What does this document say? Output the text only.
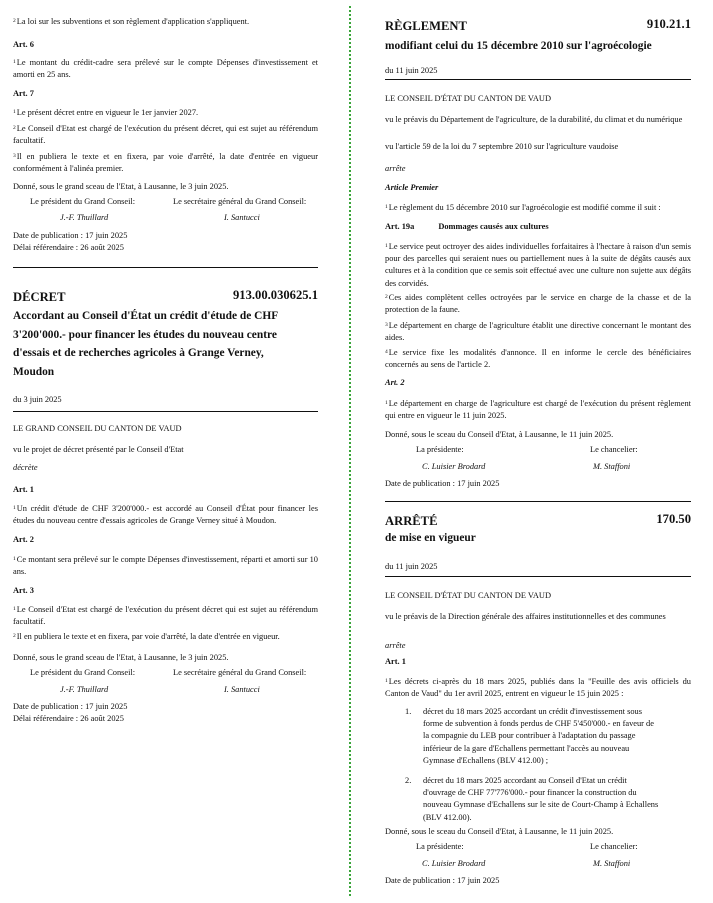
$^2$La loi sur les subventions et son règlement d'application s'appliquent.

Art. 6

$^1$Le montant du crédit-cadre sera prélevé sur le compte Dépenses d'investissement et amorti en 25 ans.

Art. 7

$^1$Le présent décret entre en vigueur le 1er janvier 2027.

$^2$Le Conseil d'Etat est chargé de l'exécution du présent décret, qui est sujet au référendum facultatif.

$^3$Il en publiera le texte et en fixera, par voie d'arrêté, la date d'entrée en vigueur conformément à l'alinéa premier.

Donné, sous le grand sceau de l'Etat, à Lausanne, le 3 juin 2025.

Le président du Grand Conseil:	Le secrétaire général du Grand Conseil:
J.-F. Thuillard	I. Santucci

Date de publication : 17 juin 2025

Délai référendaire : 26 août 2025

DÉCRET	913.00.030625.1
Accordant au Conseil d'État un crédit d'étude de CHF
3'200'000.- pour financer les études du nouveau centre
d'essais et de recherches agricoles à Grange Verney,
Moudon

du 3 juin 2025

LE GRAND CONSEIL DU CANTON DE VAUD

vu le projet de décret présenté par le Conseil d'Etat

décrète

Art. 1

$^1$Un crédit d'étude de CHF 3'200'000.- est accordé au Conseil d'État pour financer les études du nouveau centre d'essais agricoles de Grange Verney situé à Moudon.

Art. 2

$^1$Ce montant sera prélevé sur le compte Dépenses d'investissement, réparti et amorti sur 10 ans.

Art. 3

$^1$Le Conseil d'Etat est chargé de l'exécution du présent décret qui est sujet au référendum facultatif.

$^2$Il en publiera le texte et en fixera, par voie d'arrêté, la date d'entrée en vigueur.

Donné, sous le grand sceau de l'Etat, à Lausanne, le 3 juin 2025.

Le président du Grand Conseil:	Le secrétaire général du Grand Conseil:
J.-F. Thuillard	I. Santucci

Date de publication : 17 juin 2025

Délai référendaire : 26 août 2025

RÈGLEMENT	910.21.1
modifiant celui du 15 décembre 2010 sur l'agroécologie

du 11 juin 2025

LE CONSEIL D'ÉTAT DU CANTON DE VAUD

vu le préavis du Département de l'agriculture, de la durabilité, du climat et du numérique

vu l'article 59 de la loi du 7 septembre 2010 sur l'agriculture vaudoise

arrête

Article Premier

$^1$Le règlement du 15 décembre 2010 sur l'agroécologie est modifié comme il suit :

Art. 19a	Dommages causés aux cultures

$^1$Le service peut octroyer des aides individuelles forfaitaires à l'hectare à raison d'un semis pour des parcelles qui seraient nues ou partiellement nues à la suite de dégâts causés aux cultures et à la condition que ce semis soit effectué avec une culture non sujette aux dégâts des corvidés.

$^2$Ces aides complètent celles octroyées par le service en charge de la chasse et de la protection de la faune.

$^3$Le département en charge de l'agriculture établit une directive concernant le montant des aides.

$^4$Le service fixe les modalités d'annonce. Il en informe le cercle des bénéficiaires concernés au sens de l'article 2.

Art. 2

$^1$Le département en charge de l'agriculture est chargé de l'exécution du présent règlement qui entre en vigueur le 11 juin 2025.

Donné, sous le sceau du Conseil d'Etat, à Lausanne, le 11 juin 2025.

La présidente:	Le chancelier:
C. Luisier Brodard	M. Staffoni

Date de publication : 17 juin 2025

ARRÊTÉ	170.50
de mise en vigueur

du 11 juin 2025

LE CONSEIL D'ÉTAT DU CANTON DE VAUD

vu le préavis de la Direction générale des affaires institutionnelles et des communes

arrête

Art. 1

$^1$Les décrets ci-après du 18 mars 2025, publiés dans la "Feuille des avis officiels du Canton de Vaud" du 1er avril 2025, entrent en vigueur le 15 juin 2025 :

1. décret du 18 mars 2025 accordant un crédit d'investissement sous forme de subvention à fonds perdus de CHF 5'450'000.- en faveur de la compagnie du LEB pour contribuer à l'adaptation du passage inférieur de la gare d'Echallens permettant l'accès au nouveau Gymnase d'Echallens (BLV 412.00) ;
2. décret du 18 mars 2025 accordant au Conseil d'Etat un crédit d'ouvrage de CHF 77'776'000.- pour financer la construction du nouveau Gymnase d'Echallens sur le site de Court-Champ à Echallens (BLV 412.00).

Donné, sous le sceau du Conseil d'Etat, à Lausanne, le 11 juin 2025.

La présidente:	Le chancelier:
C. Luisier Brodard	M. Staffoni

Date de publication : 17 juin 2025
